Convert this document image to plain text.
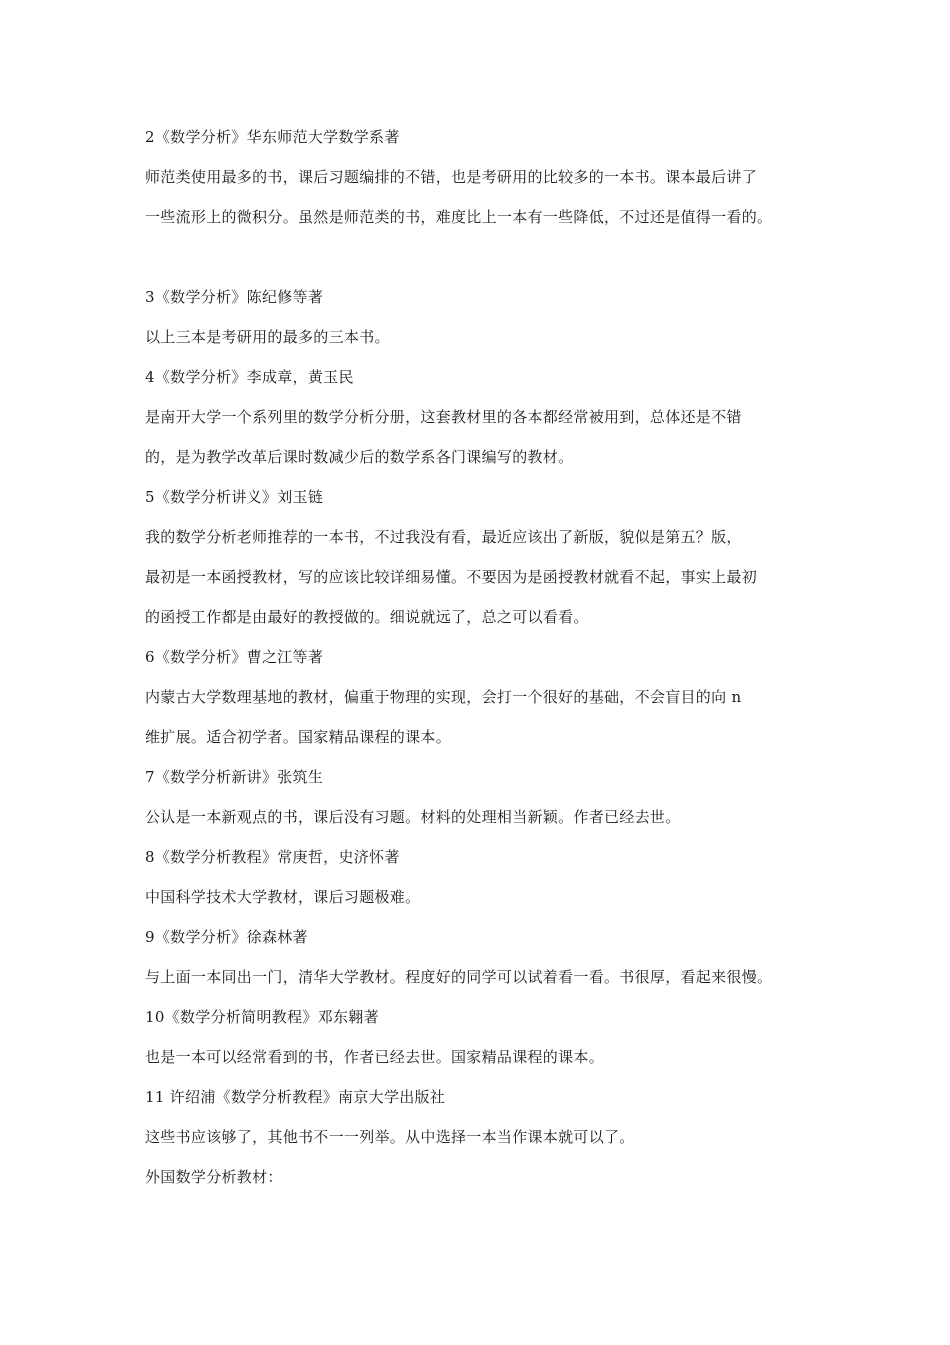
2《数学分析》华东师范大学数学系著
师范类使用最多的书，课后习题编排的不错，也是考研用的比较多的一本书。课本最后讲了
一些流形上的微积分。虽然是师范类的书，难度比上一本有一些降低，不过还是值得一看的。
3《数学分析》陈纪修等著
以上三本是考研用的最多的三本书。
4《数学分析》李成章，黄玉民
是南开大学一个系列里的数学分析分册，这套教材里的各本都经常被用到，总体还是不错
的，是为教学改革后课时数减少后的数学系各门课编写的教材。
5《数学分析讲义》刘玉链
我的数学分析老师推荐的一本书，不过我没有看，最近应该出了新版，貌似是第五？版，
最初是一本函授教材，写的应该比较详细易懂。不要因为是函授教材就看不起，事实上最初
的函授工作都是由最好的教授做的。细说就远了，总之可以看看。
6《数学分析》曹之江等著
内蒙古大学数理基地的教材，偏重于物理的实现，会打一个很好的基础，不会盲目的向 n
维扩展。适合初学者。国家精品课程的课本。
7《数学分析新讲》张筑生
公认是一本新观点的书，课后没有习题。材料的处理相当新颖。作者已经去世。
8《数学分析教程》常庚哲，史济怀著
中国科学技术大学教材，课后习题极难。
9《数学分析》徐森林著
与上面一本同出一门，清华大学教材。程度好的同学可以试着看一看。书很厚，看起来很慢。
10《数学分析简明教程》邓东翱著
也是一本可以经常看到的书，作者已经去世。国家精品课程的课本。
11 许绍浦《数学分析教程》南京大学出版社
这些书应该够了，其他书不一一列举。从中选择一本当作课本就可以了。
外国数学分析教材：
